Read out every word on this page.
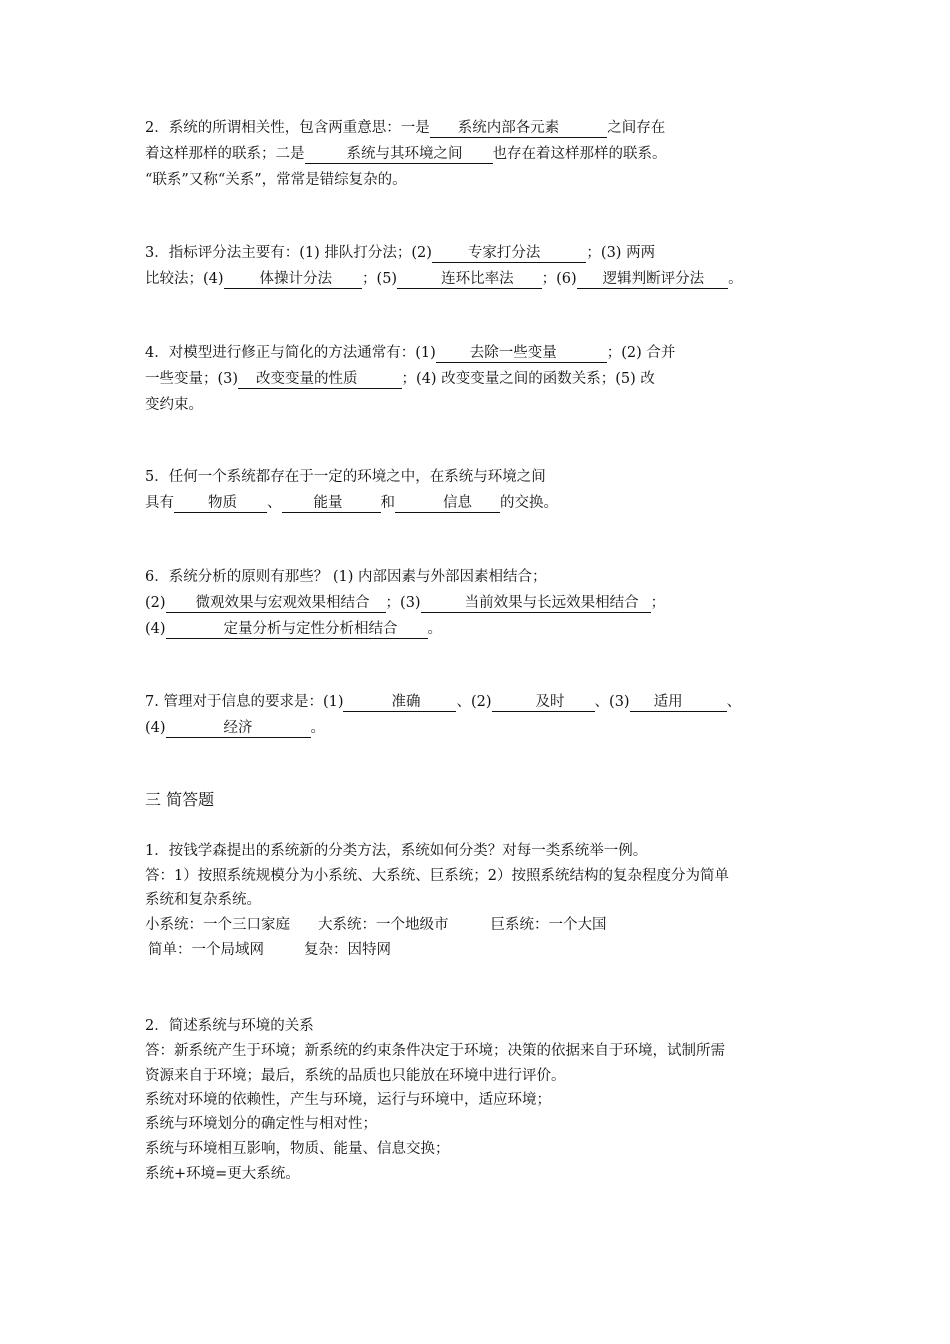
2．系统的所谓相关性，包含两重意思：一是 系统内部各元素	之间存在
着这样那样的联系；二是	系统与其环境之间 也存在着这样那样的联系。
“联系”又称“关系”，常常是错综复杂的。
3．指标评分法主要有：(1) 排队打分法；(2) 专家打分法	；(3) 两两
比较法；(4) 体操计分法 ；(5)	连环比率法 ；(6) 逻辑判断评分法 。
4．对模型进行修正与简化的方法通常有：(1) 去除一些变量	；(2) 合并
一些变量；(3) 改变变量的性质	；(4) 改变变量之间的函数关系；(5) 改
变约束。
5．任何一个系统都存在于一定的环境之中，在系统与环境之间
具有 物质 、 能量	和	信息 的交换。
6．系统分析的原则有那些？ (1) 内部因素与外部因素相结合；
(2) 微观效果与宏观效果相结合 ；(3)	当前效果与长远效果相结合 ；
(4)	定量分析与定性分析相结合 。
7. 管理对于信息的要求是：(1)	准确 、(2)	及时 、(3) 适用	、
(4)	经济	。
三 简答题
1．按钱学森提出的系统新的分类方法，系统如何分类？对每一类系统举一例。
答：1）按照系统规模分为小系统、大系统、巨系统；2）按照系统结构的复杂程度分为简单
系统和复杂系统。
小系统：一个三口家庭 大系统：一个地级市	巨系统：一个大国
简单：一个局域网	复杂：因特网
2．简述系统与环境的关系
答：新系统产生于环境；新系统的约束条件决定于环境；决策的依据来自于环境，试制所需
资源来自于环境；最后，系统的品质也只能放在环境中进行评价。
系统对环境的依赖性，产生与环境，运行与环境中，适应环境；
系统与环境划分的确定性与相对性；
系统与环境相互影响，物质、能量、信息交换；
系统+环境=更大系统。
